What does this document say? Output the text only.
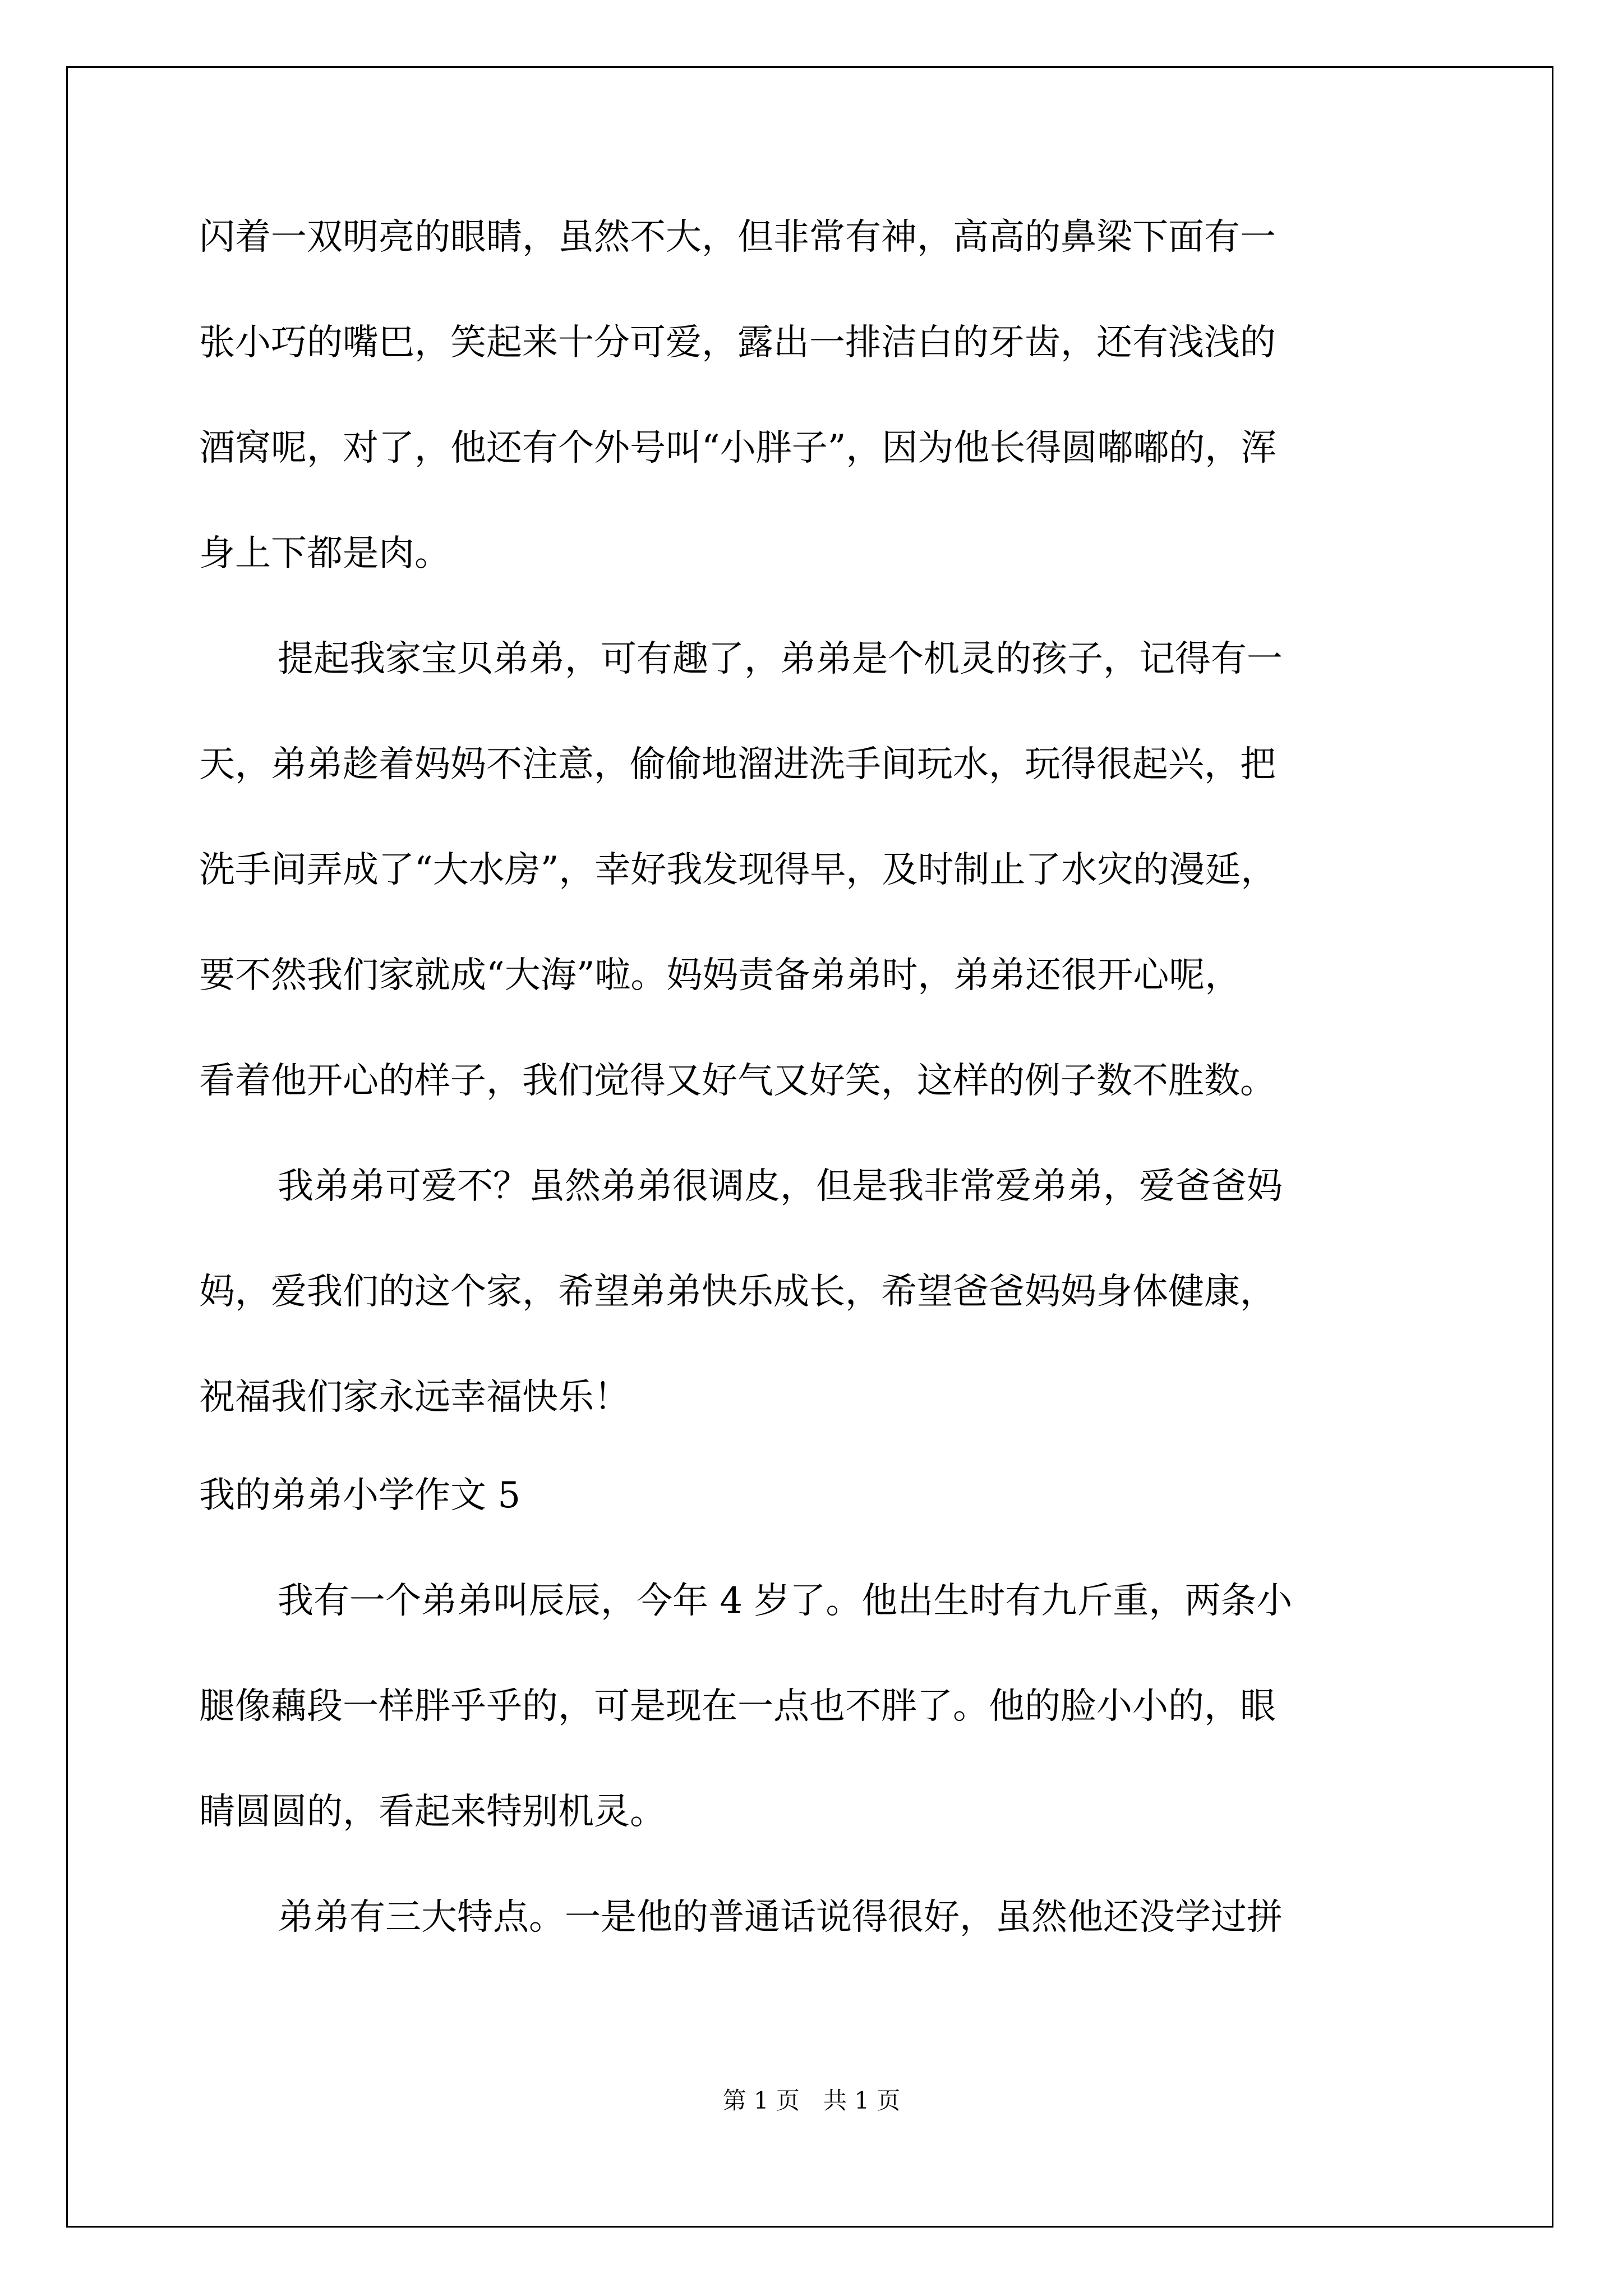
闪着一双明亮的眼睛，虽然不大，但非常有神，高高的鼻梁下面有一
张小巧的嘴巴，笑起来十分可爱，露出一排洁白的牙齿，还有浅浅的
酒窝呢，对了，他还有个外号叫“小胖子”，因为他长得圆嘟嘟的，浑
身上下都是肉。
提起我家宝贝弟弟，可有趣了，弟弟是个机灵的孩子，记得有一
天，弟弟趁着妈妈不注意，偷偷地溜进洗手间玩水，玩得很起兴，把
洗手间弄成了“大水房”，幸好我发现得早，及时制止了水灾的漫延，
要不然我们家就成“大海”啦。妈妈责备弟弟时，弟弟还很开心呢，
看着他开心的样子，我们觉得又好气又好笑，这样的例子数不胜数。
我弟弟可爱不？虽然弟弟很调皮，但是我非常爱弟弟，爱爸爸妈
妈，爱我们的这个家，希望弟弟快乐成长，希望爸爸妈妈身体健康，
祝福我们家永远幸福快乐！
我的弟弟小学作文 5
我有一个弟弟叫辰辰，今年 4 岁了。他出生时有九斤重，两条小
腿像藕段一样胖乎乎的，可是现在一点也不胖了。他的脸小小的，眼
睛圆圆的，看起来特别机灵。
弟弟有三大特点。一是他的普通话说得很好，虽然他还没学过拼
第 1 页　共 1 页
